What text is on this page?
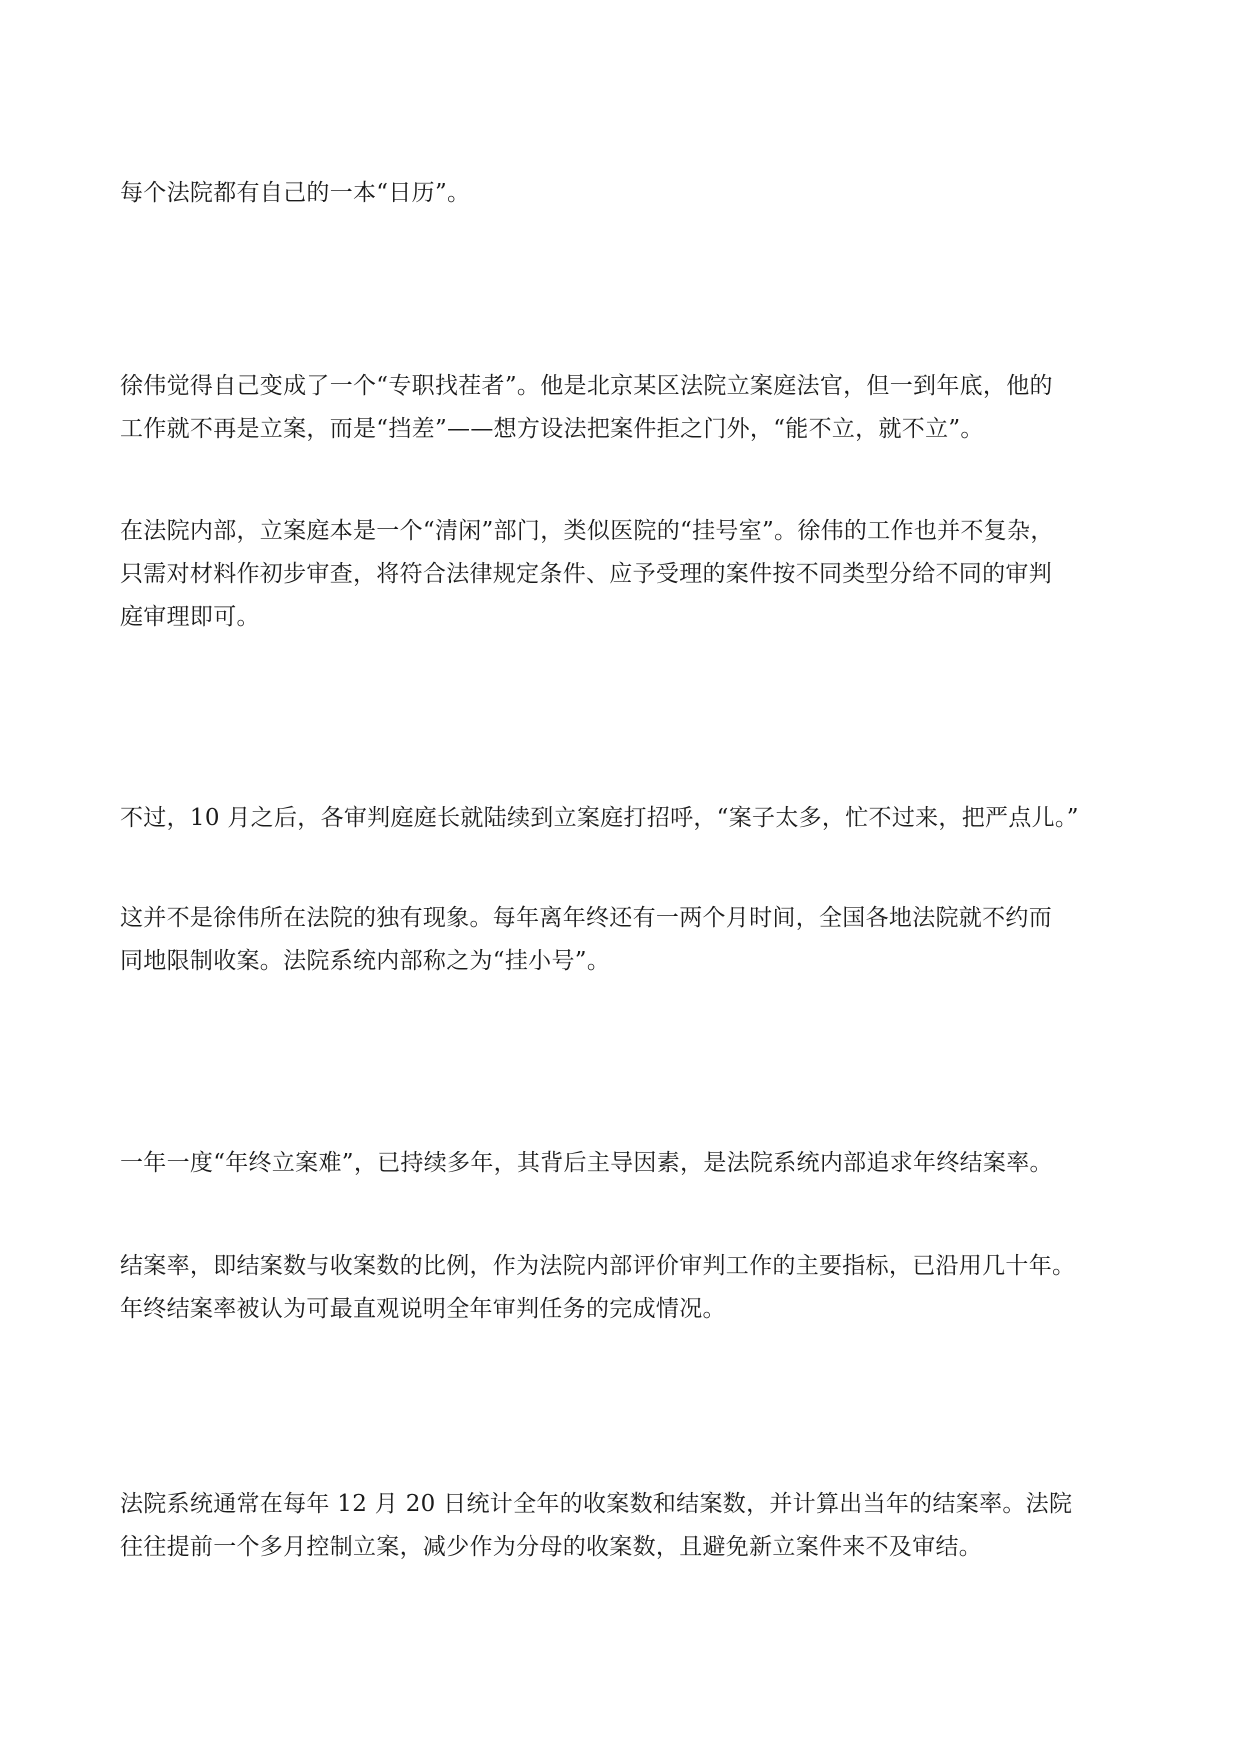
每个法院都有自己的一本“日历”。

徐伟觉得自己变成了一个“专职找茬者”。他是北京某区法院立案庭法官，但一到年底，他的
工作就不再是立案，而是“挡差”——想方设法把案件拒之门外，“能不立，就不立”。

在法院内部，立案庭本是一个“清闲”部门，类似医院的“挂号室”。徐伟的工作也并不复杂，
只需对材料作初步审查，将符合法律规定条件、应予受理的案件按不同类型分给不同的审判
庭审理即可。

不过，10 月之后，各审判庭庭长就陆续到立案庭打招呼，“案子太多，忙不过来，把严点儿。”

这并不是徐伟所在法院的独有现象。每年离年终还有一两个月时间，全国各地法院就不约而
同地限制收案。法院系统内部称之为“挂小号”。

一年一度“年终立案难”，已持续多年，其背后主导因素，是法院系统内部追求年终结案率。

结案率，即结案数与收案数的比例，作为法院内部评价审判工作的主要指标，已沿用几十年。
年终结案率被认为可最直观说明全年审判任务的完成情况。

法院系统通常在每年 12 月 20 日统计全年的收案数和结案数，并计算出当年的结案率。法院
往往提前一个多月控制立案，减少作为分母的收案数，且避免新立案件来不及审结。
